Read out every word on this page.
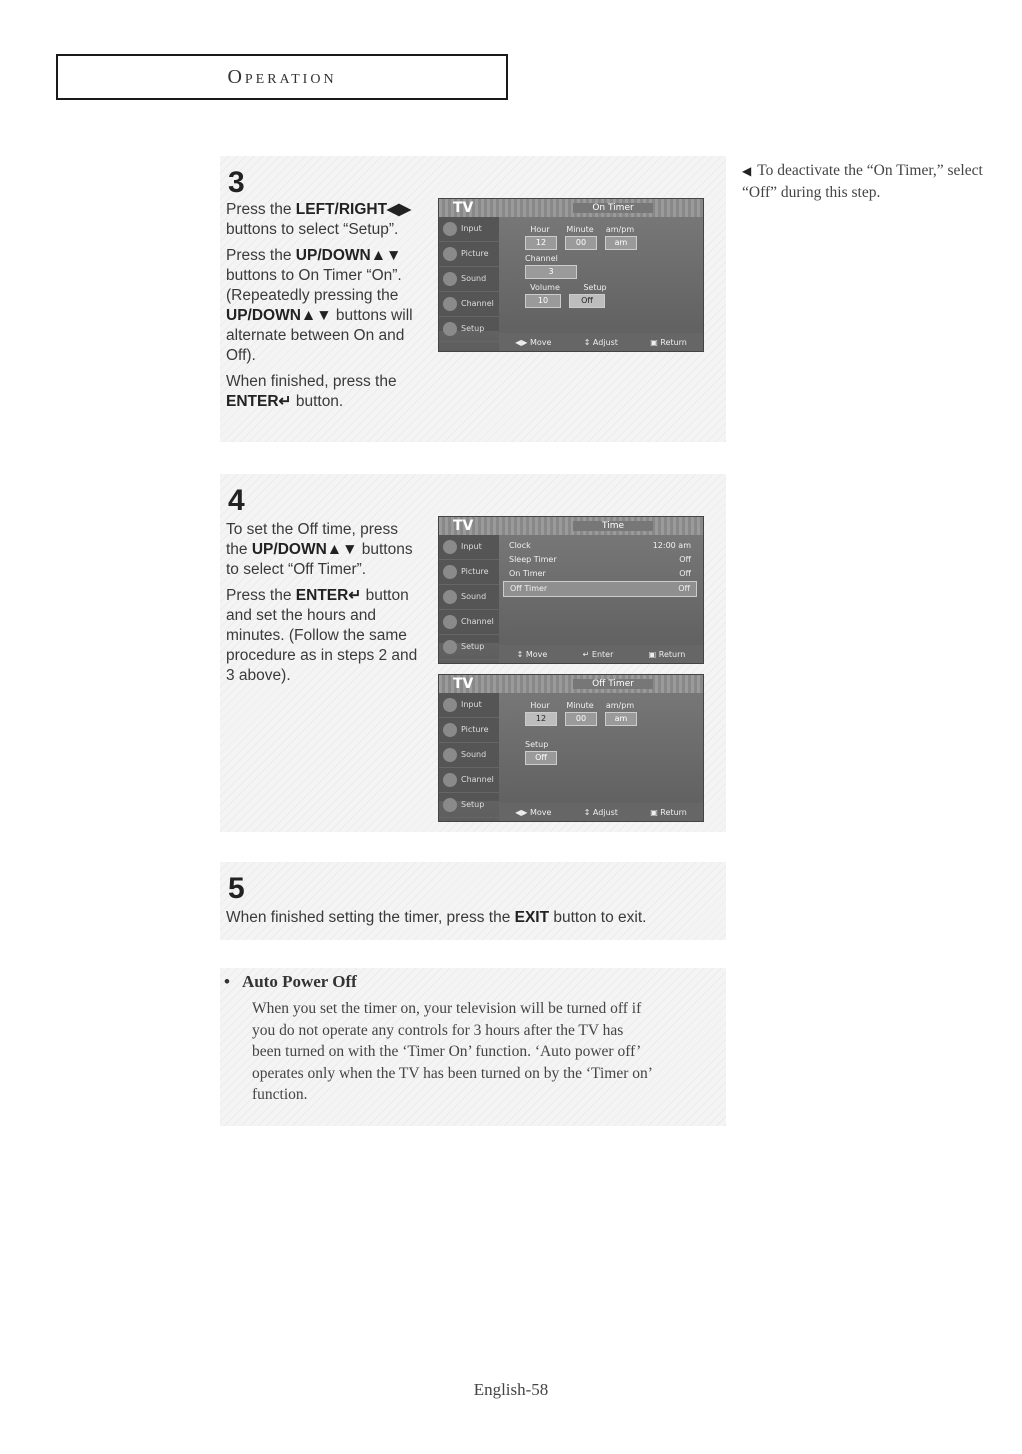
Operation
3

Press the LEFT/RIGHT◀▶ buttons to select “Setup”.

Press the UP/DOWN▲▼ buttons to On Timer “On”. (Repeatedly pressing the UP/DOWN▲▼ buttons will alternate between On and Off).

When finished, press the ENTER↵ button.

TV	On Timer
Input
Picture
Sound
Channel
Setup
Hour	Minute am/pm
12	00	am
Channel
3
Volume	Setup
10	Off
◀▶ Move	↕ Adjust	▣ Return
◀ To deactivate the “On Timer,” select “Off” during this step.
4

To set the Off time, press the UP/DOWN▲▼ buttons to select “Off Timer”.

Press the ENTER↵ button and set the hours and minutes. (Follow the same procedure as in steps 2 and 3 above).

TV	Time
Input
Picture
Sound
Channel
Setup
Clock	12:00 am
Sleep Timer	Off
On Timer	Off
Off Timer	Off
↕ Move	↵ Enter	▣ Return
TV	Off Timer
Input
Picture
Sound
Channel
Setup
Hour	Minute am/pm
12	00	am
Setup
Off
◀▶ Move	↕ Adjust	▣ Return
5
When finished setting the timer, press the EXIT button to exit.
• Auto Power Off
When you set the timer on, your television will be turned off if you do not operate any controls for 3 hours after the TV has been turned on with the ‘Timer On’ function. ‘Auto power off’ operates only when the TV has been turned on by the ‘Timer on’ function.
English-58
